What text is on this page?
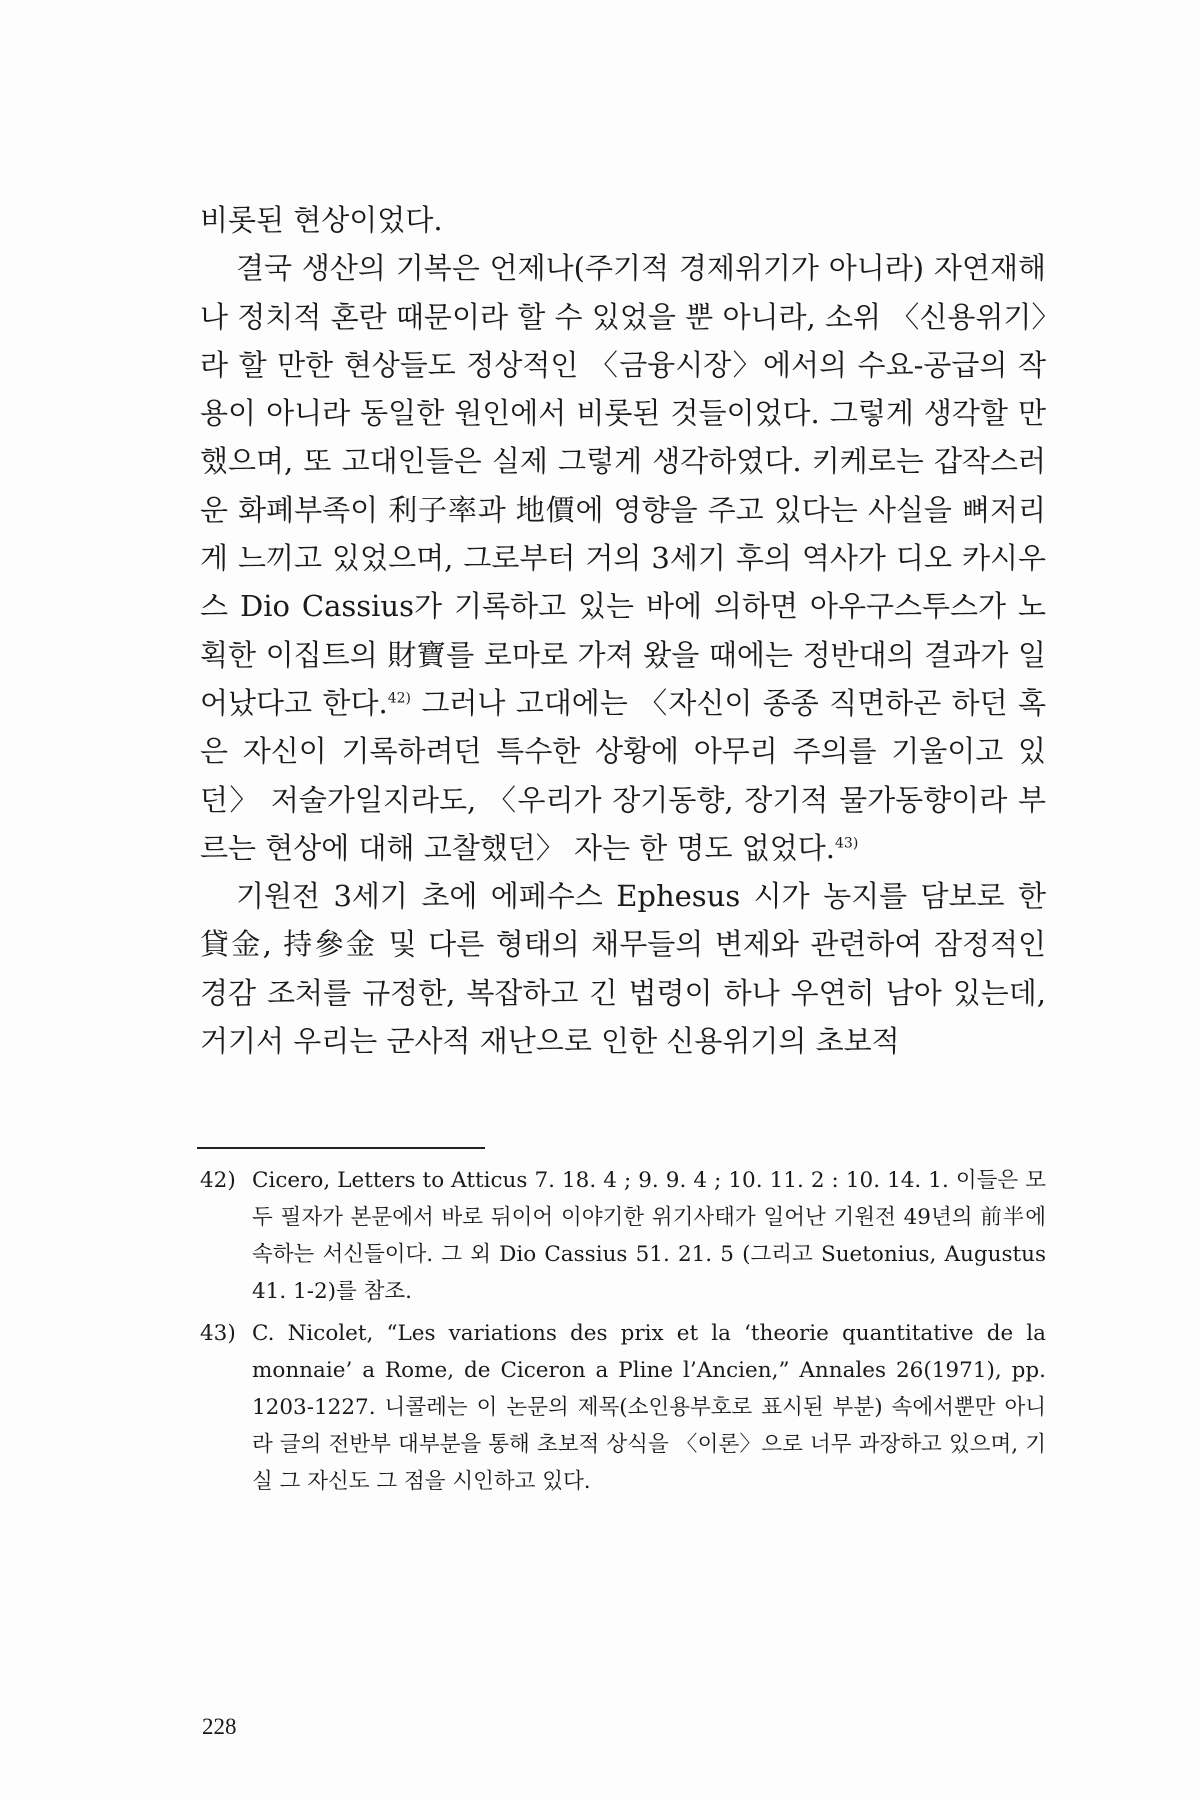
비롯된 현상이었다.

결국 생산의 기복은 언제나(주기적 경제위기가 아니라) 자연재해나 정치적 혼란 때문이라 할 수 있었을 뿐 아니라, 소위 〈신용위기〉라 할 만한 현상들도 정상적인 〈금융시장〉에서의 수요-공급의 작용이 아니라 동일한 원인에서 비롯된 것들이었다. 그렇게 생각할 만했으며, 또 고대인들은 실제 그렇게 생각하였다. 키케로는 갑작스러운 화폐부족이 利子率과 地價에 영향을 주고 있다는 사실을 뼈저리게 느끼고 있었으며, 그로부터 거의 3세기 후의 역사가 디오 카시우스 Dio Cassius가 기록하고 있는 바에 의하면 아우구스투스가 노획한 이집트의 財寶를 로마로 가져 왔을 때에는 정반대의 결과가 일어났다고 한다.$^{42)}$ 그러나 고대에는 〈자신이 종종 직면하곤 하던 혹은 자신이 기록하려던 특수한 상황에 아무리 주의를 기울이고 있던〉 저술가일지라도, 〈우리가 장기동향, 장기적 물가동향이라 부르는 현상에 대해 고찰했던〉 자는 한 명도 없었다.$^{43)}$

기원전 3세기 초에 에페수스 Ephesus 시가 농지를 담보로 한 貸金, 持參金 및 다른 형태의 채무들의 변제와 관련하여 잠정적인 경감 조처를 규정한, 복잡하고 긴 법령이 하나 우연히 남아 있는데, 거기서 우리는 군사적 재난으로 인한 신용위기의 초보적

42) Cicero, Letters to Atticus 7. 18. 4 ; 9. 9. 4 ; 10. 11. 2 : 10. 14. 1. 이들은 모두 필자가 본문에서 바로 뒤이어 이야기한 위기사태가 일어난 기원전 49년의 前半에 속하는 서신들이다. 그 외 Dio Cassius 51. 21. 5 (그리고 Suetonius, Augustus 41. 1-2)를 참조.
43) C. Nicolet, “Les variations des prix et la ‘theorie quantitative de la monnaie’ a Rome, de Ciceron a Pline l’Ancien,” Annales 26(1971), pp. 1203-1227. 니콜레는 이 논문의 제목(소인용부호로 표시된 부분) 속에서뿐만 아니라 글의 전반부 대부분을 통해 초보적 상식을 〈이론〉으로 너무 과장하고 있으며, 기실 그 자신도 그 점을 시인하고 있다.
228
